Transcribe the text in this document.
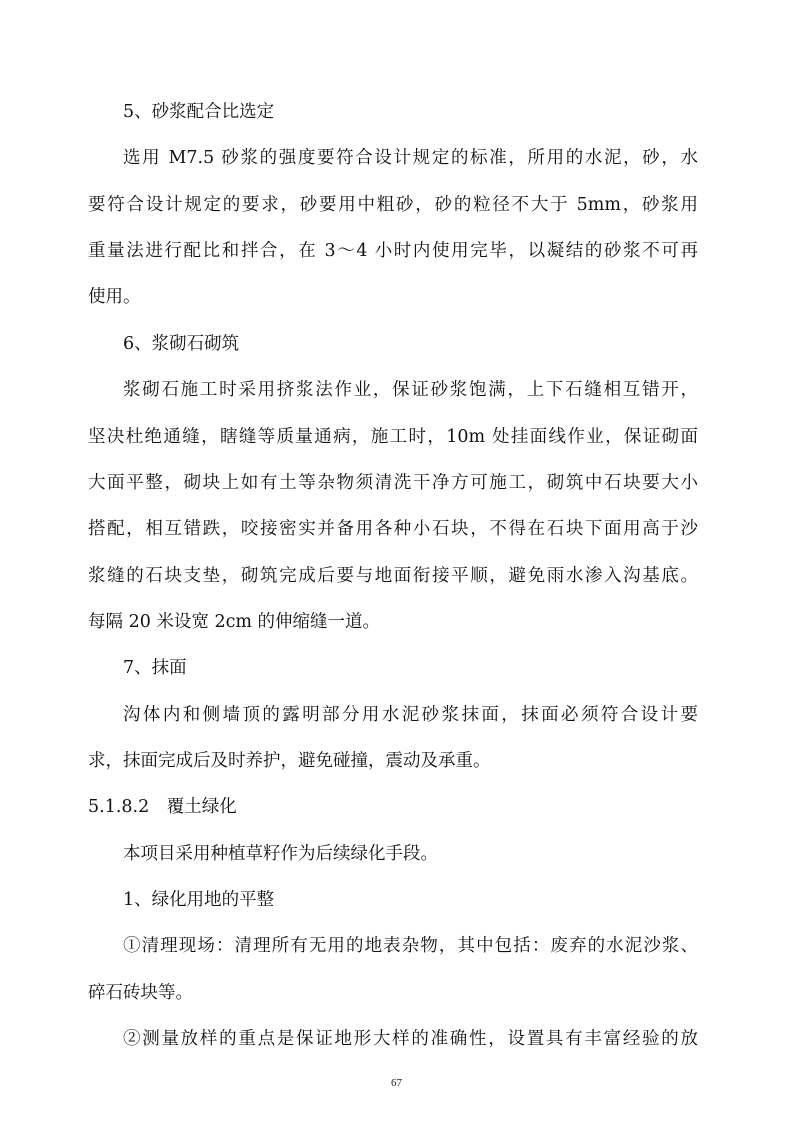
5、砂浆配合比选定
选用 M7.5 砂浆的强度要符合设计规定的标准，所用的水泥，砂，水
要符合设计规定的要求，砂要用中粗砂，砂的粒径不大于 5mm，砂浆用
重量法进行配比和拌合，在 3～4 小时内使用完毕，以凝结的砂浆不可再
使用。
6、浆砌石砌筑
浆砌石施工时采用挤浆法作业，保证砂浆饱满，上下石缝相互错开，
坚决杜绝通缝，瞎缝等质量通病，施工时，10m 处挂面线作业，保证砌面
大面平整，砌块上如有土等杂物须清洗干净方可施工，砌筑中石块要大小
搭配，相互错跌，咬接密实并备用各种小石块，不得在石块下面用高于沙
浆缝的石块支垫，砌筑完成后要与地面衔接平顺，避免雨水渗入沟基底。
每隔 20 米设宽 2cm 的伸缩缝一道。
7、抹面
沟体内和侧墙顶的露明部分用水泥砂浆抹面，抹面必须符合设计要
求，抹面完成后及时养护，避免碰撞，震动及承重。
5.1.8.2　覆土绿化
本项目采用种植草籽作为后续绿化手段。
1、绿化用地的平整
①清理现场：清理所有无用的地表杂物，其中包括：废弃的水泥沙浆、
碎石砖块等。
②测量放样的重点是保证地形大样的准确性，设置具有丰富经验的放
67
